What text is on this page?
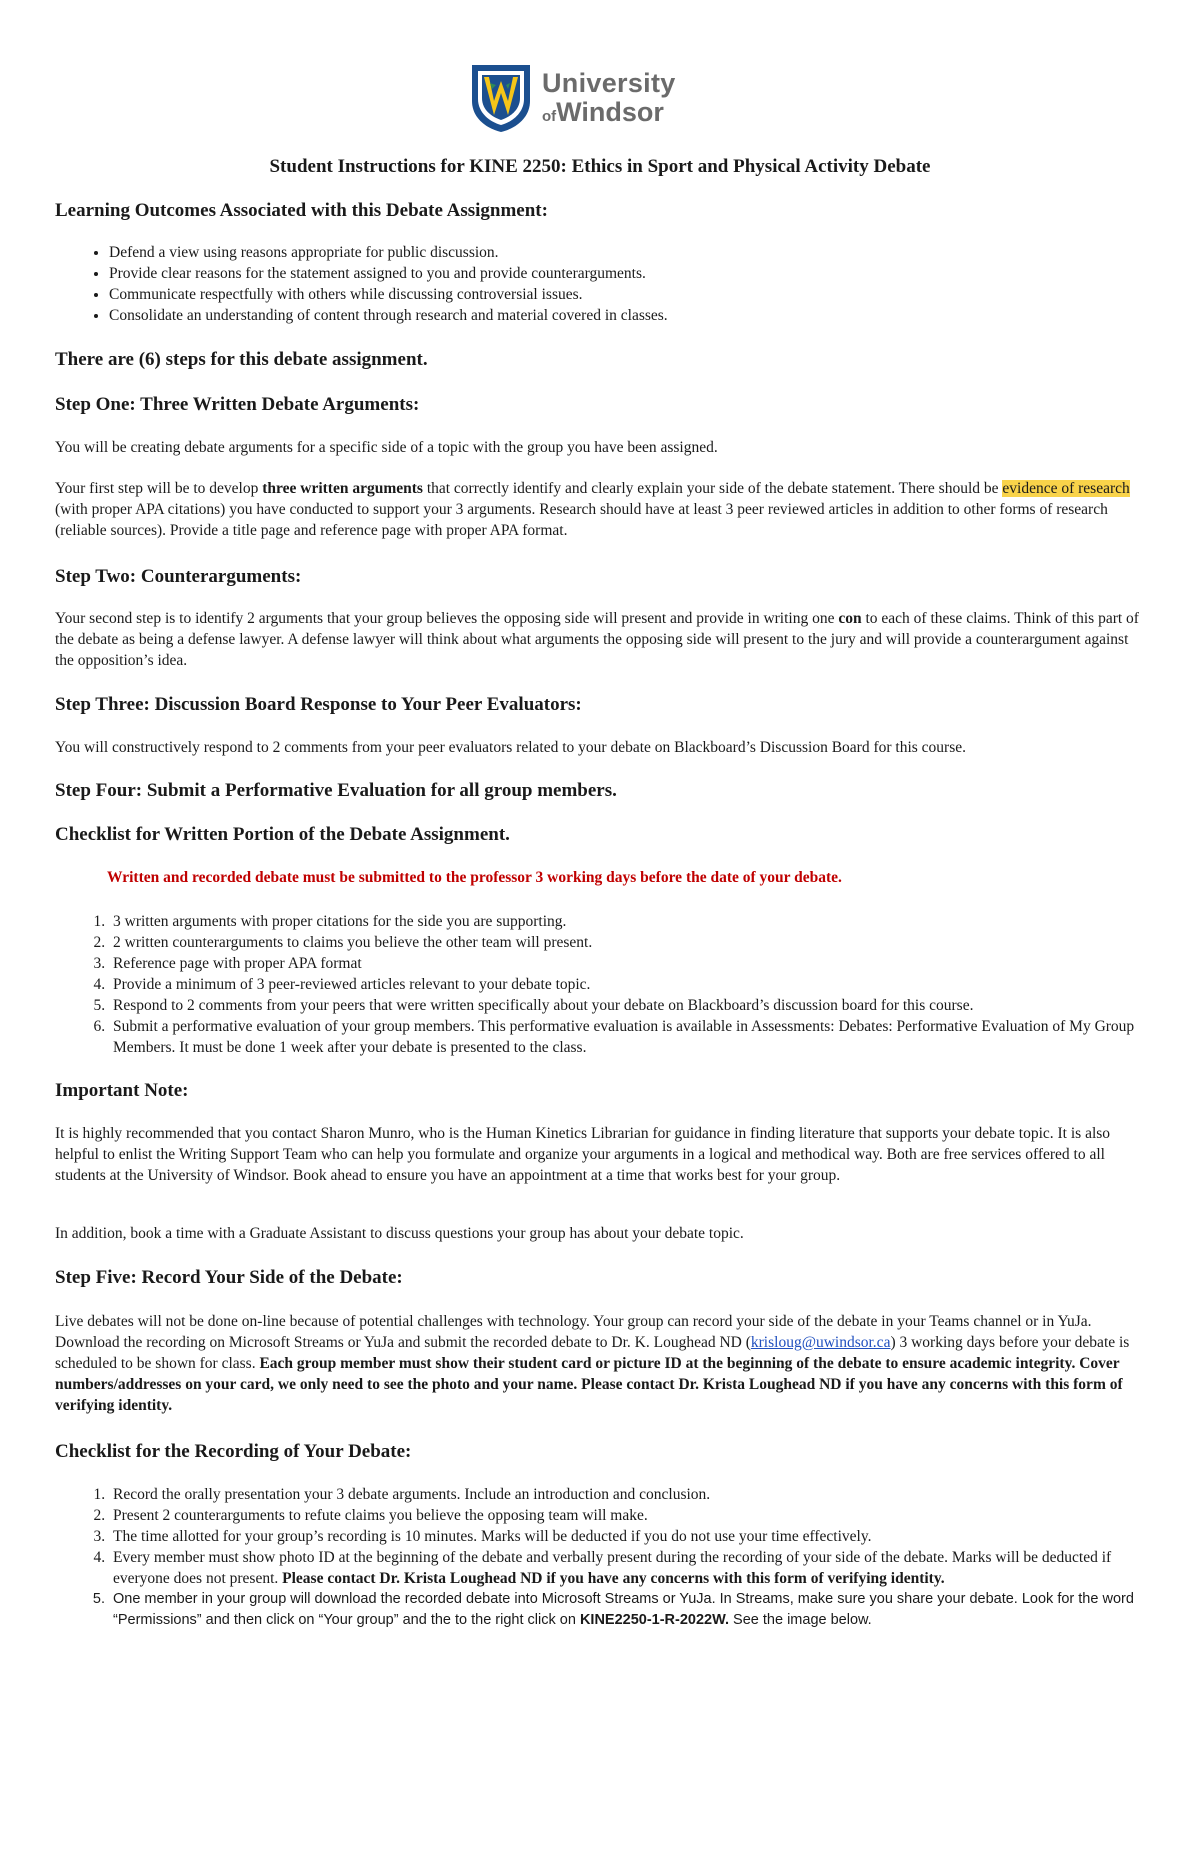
University
ofWindsor
Student Instructions for KINE 2250: Ethics in Sport and Physical Activity Debate
Learning Outcomes Associated with this Debate Assignment:
• Defend a view using reasons appropriate for public discussion.
• Provide clear reasons for the statement assigned to you and provide counterarguments.
• Communicate respectfully with others while discussing controversial issues.
• Consolidate an understanding of content through research and material covered in classes.
There are (6) steps for this debate assignment.
Step One: Three Written Debate Arguments:

You will be creating debate arguments for a specific side of a topic with the group you have been assigned.

Your first step will be to develop three written arguments that correctly identify and clearly explain your side of the debate statement. There should be evidence of research (with proper APA citations) you have conducted to support your 3 arguments. Research should have at least 3 peer reviewed articles in addition to other forms of research (reliable sources). Provide a title page and reference page with proper APA format.

Step Two: Counterarguments:

Your second step is to identify 2 arguments that your group believes the opposing side will present and provide in writing one con to each of these claims. Think of this part of the debate as being a defense lawyer. A defense lawyer will think about what arguments the opposing side will present to the jury and will provide a counterargument against the opposition’s idea.

Step Three: Discussion Board Response to Your Peer Evaluators:

You will constructively respond to 2 comments from your peer evaluators related to your debate on Blackboard’s Discussion Board for this course.

Step Four: Submit a Performative Evaluation for all group members.
Checklist for Written Portion of the Debate Assignment.

Written and recorded debate must be submitted to the professor 3 working days before the date of your debate.

1. 3 written arguments with proper citations for the side you are supporting.
2. 2 written counterarguments to claims you believe the other team will present.
3. Reference page with proper APA format
4. Provide a minimum of 3 peer-reviewed articles relevant to your debate topic.
5. Respond to 2 comments from your peers that were written specifically about your debate on Blackboard’s discussion board for this course.
6. Submit a performative evaluation of your group members. This performative evaluation is available in Assessments: Debates: Performative Evaluation of My Group Members. It must be done 1 week after your debate is presented to the class.
Important Note:

It is highly recommended that you contact Sharon Munro, who is the Human Kinetics Librarian for guidance in finding literature that supports your debate topic. It is also helpful to enlist the Writing Support Team who can help you formulate and organize your arguments in a logical and methodical way. Both are free services offered to all students at the University of Windsor. Book ahead to ensure you have an appointment at a time that works best for your group.

In addition, book a time with a Graduate Assistant to discuss questions your group has about your debate topic.

Step Five: Record Your Side of the Debate:

Live debates will not be done on-line because of potential challenges with technology. Your group can record your side of the debate in your Teams channel or in YuJa. Download the recording on Microsoft Streams or YuJa and submit the recorded debate to Dr. K. Loughead ND (krisloug@uwindsor.ca) 3 working days before your debate is scheduled to be shown for class. Each group member must show their student card or picture ID at the beginning of the debate to ensure academic integrity. Cover numbers/addresses on your card, we only need to see the photo and your name. Please contact Dr. Krista Loughead ND if you have any concerns with this form of verifying identity.

Checklist for the Recording of Your Debate:
1. Record the orally presentation your 3 debate arguments. Include an introduction and conclusion.
2. Present 2 counterarguments to refute claims you believe the opposing team will make.
3. The time allotted for your group’s recording is 10 minutes. Marks will be deducted if you do not use your time effectively.
4. Every member must show photo ID at the beginning of the debate and verbally present during the recording of your side of the debate. Marks will be deducted if everyone does not present. Please contact Dr. Krista Loughead ND if you have any concerns with this form of verifying identity.
5. One member in your group will download the recorded debate into Microsoft Streams or YuJa. In Streams, make sure you share your debate. Look for the word “Permissions” and then click on “Your group” and the to the right click on KINE2250-1-R-2022W. See the image below.
